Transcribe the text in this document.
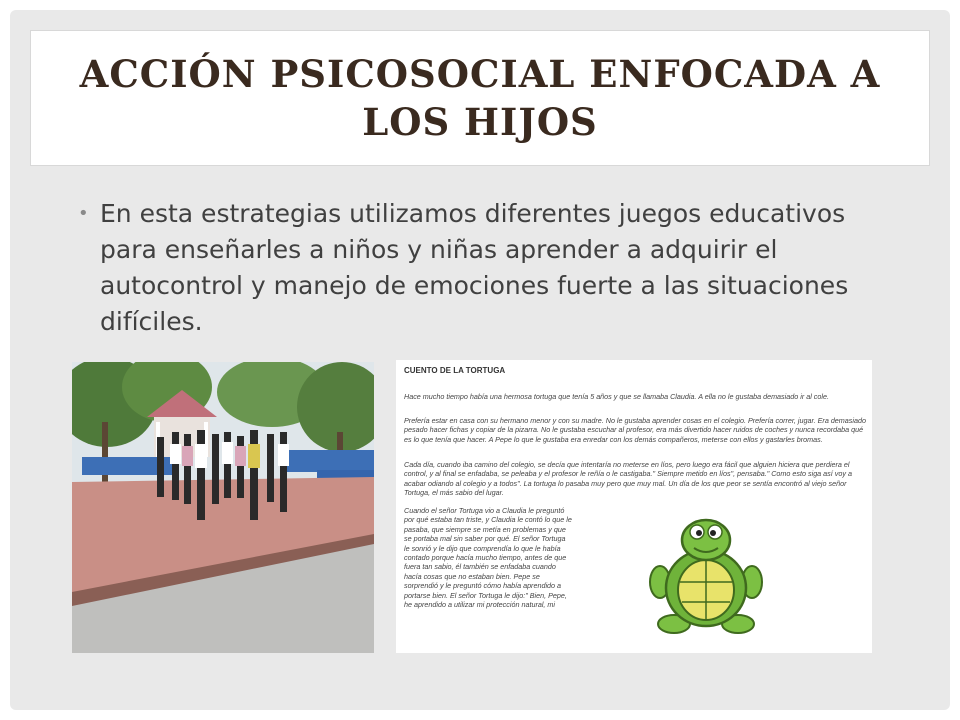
ACCIÓN PSICOSOCIAL ENFOCADA A LOS HIJOS
• En esta estrategias utilizamos diferentes juegos educativos para enseñarles a niños y niñas aprender a adquirir el autocontrol y manejo de emociones fuerte a las situaciones difíciles.
CUENTO DE LA TORTUGA

Hace mucho tiempo había una hermosa tortuga que tenía 5 años y que se llamaba Claudia. A ella no le gustaba demasiado ir al cole.

Prefería estar en casa con su hermano menor y con su madre. No le gustaba aprender cosas en el colegio. Prefería correr, jugar. Era demasiado pesado hacer fichas y copiar de la pizarra. No le gustaba escuchar al profesor, era más divertido hacer ruidos de coches y nunca recordaba qué es lo que tenía que hacer. A Pepe lo que le gustaba era enredar con los demás compañeros, meterse con ellos y gastarles bromas.

Cada día, cuando iba camino del colegio, se decía que intentaría no meterse en líos, pero luego era fácil que alguien hiciera que perdiera el control, y al final se enfadaba, se peleaba y el profesor le reñía o le castigaba." Siempre metido en líos", pensaba." Como esto siga así voy a acabar odiando al colegio y a todos". La tortuga lo pasaba muy pero que muy mal. Un día de los que peor se sentía encontró al viejo señor Tortuga, el más sabio del lugar.

Cuando el señor Tortuga vio a Claudia le preguntó por qué estaba tan triste, y Claudia le contó lo que le pasaba, que siempre se metía en problemas y que se portaba mal sin saber por qué. El señor Tortuga le sonrió y le dijo que comprendía lo que le había contado porque hacía mucho tiempo, antes de que fuera tan sabio, él también se enfadaba cuando hacía cosas que no estaban bien. Pepe se sorprendió y le preguntó cómo había aprendido a portarse bien. El señor Tortuga le dijo:" Bien, Pepe, he aprendido a utilizar mi protección natural, mi
